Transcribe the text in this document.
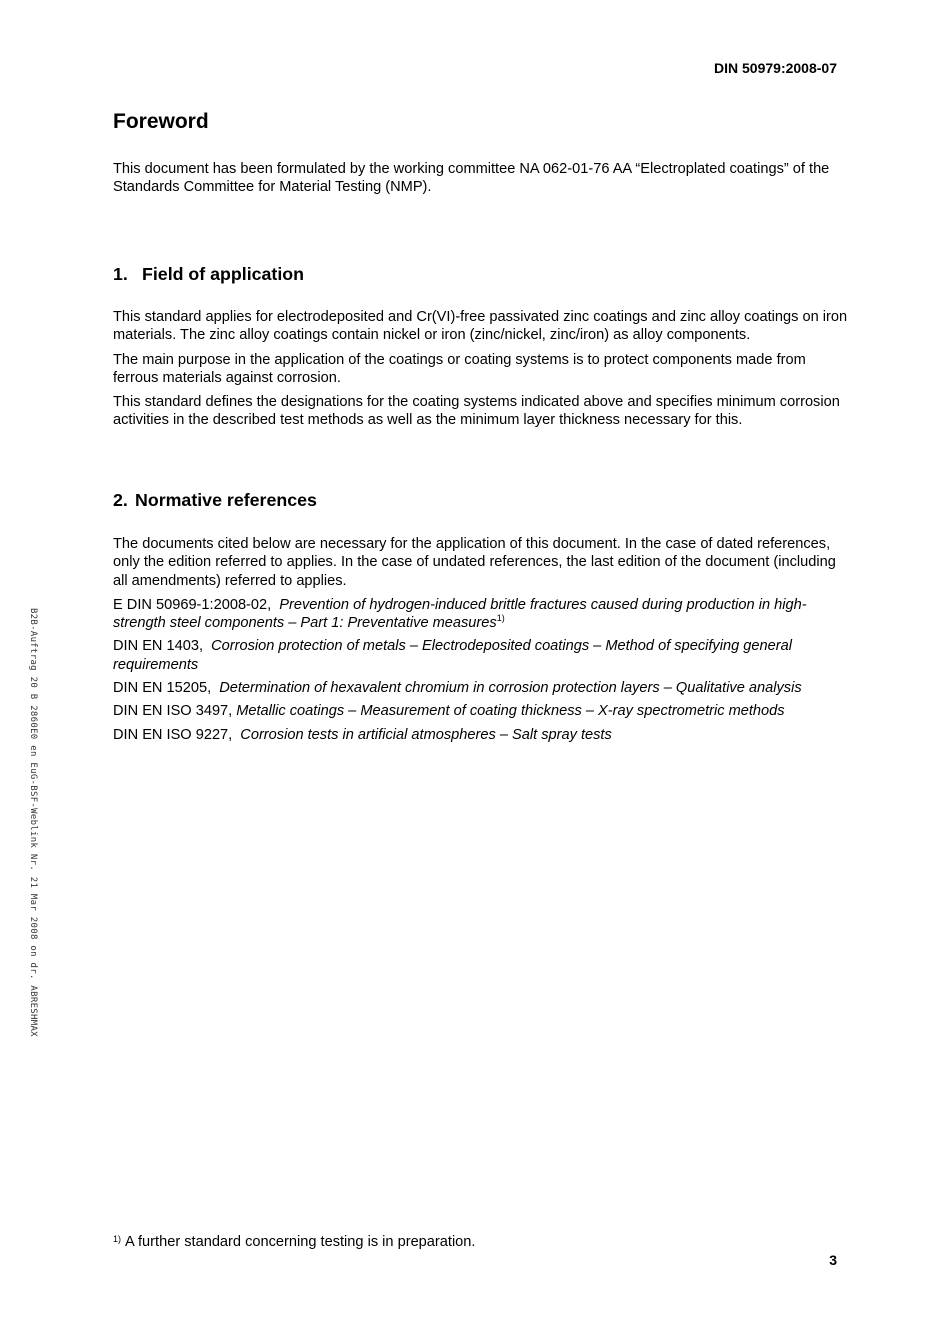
DIN 50979:2008-07
B2B-Auftrag 20 B 2860E0 en EuG-BSF-Weblink Nr. 21 Mar 2008 on dr. ABRESHMAX
Foreword

This document has been formulated by the working committee NA 062-01-76 AA “Electroplated coatings” of the Standards Committee for Material Testing (NMP).

1. Field of application

This standard applies for electrodeposited and Cr(VI)-free passivated zinc coatings and zinc alloy coatings on iron materials. The zinc alloy coatings contain nickel or iron (zinc/nickel, zinc/iron) as alloy components.

The main purpose in the application of the coatings or coating systems is to protect components made from ferrous materials against corrosion.

This standard defines the designations for the coating systems indicated above and specifies minimum corrosion activities in the described test methods as well as the minimum layer thickness necessary for this.

2. Normative references

The documents cited below are necessary for the application of this document. In the case of dated references, only the edition referred to applies. In the case of undated references, the last edition of the document (including all amendments) referred to applies.

E DIN 50969-1:2008-02, Prevention of hydrogen-induced brittle fractures caused during production in high-strength steel components – Part 1: Preventative measures$^{1)}$

DIN EN 1403, Corrosion protection of metals – Electrodeposited coatings – Method of specifying general requirements

DIN EN 15205, Determination of hexavalent chromium in corrosion protection layers – Qualitative analysis

DIN EN ISO 3497, Metallic coatings – Measurement of coating thickness – X-ray spectrometric methods

DIN EN ISO 9227, Corrosion tests in artificial atmospheres – Salt spray tests

$^{1)}$ A further standard concerning testing is in preparation.
3
